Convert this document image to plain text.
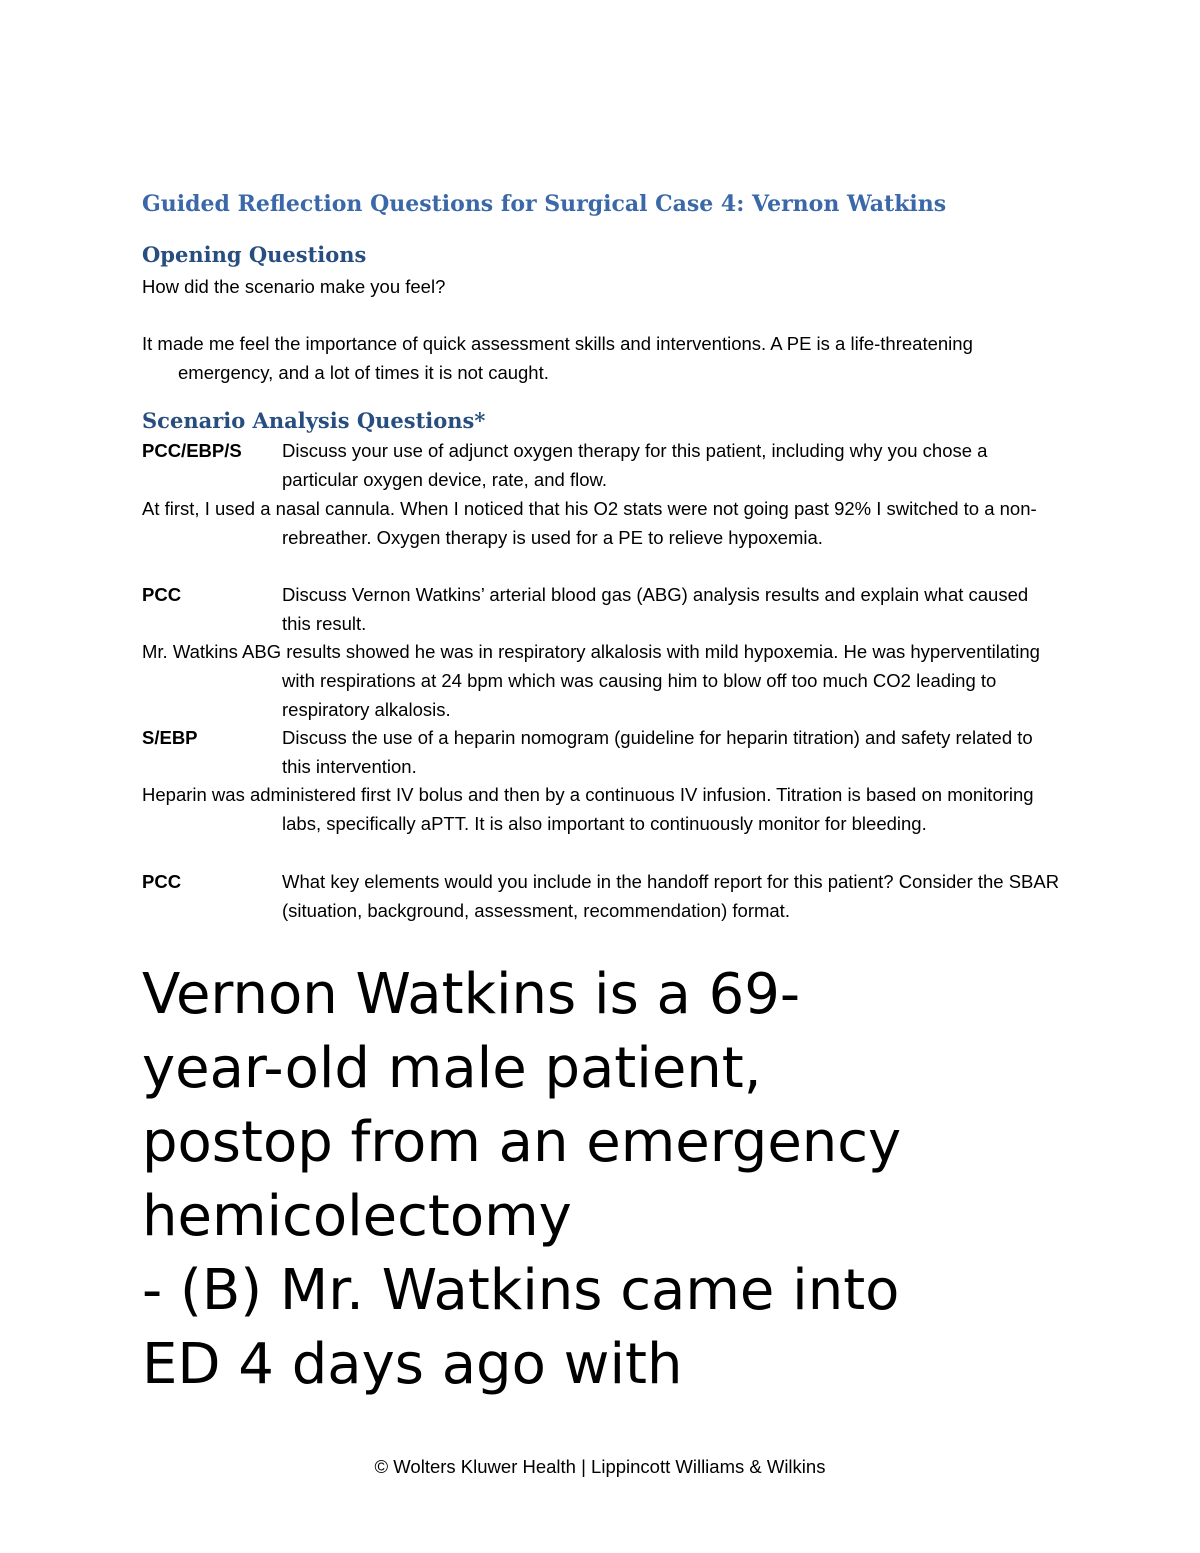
Guided Reflection Questions for Surgical Case 4: Vernon Watkins
Opening Questions

How did the scenario make you feel?

It made me feel the importance of quick assessment skills and interventions. A PE is a life-threatening emergency, and a lot of times it is not caught.

Scenario Analysis Questions*
PCC/EBP/S	Discuss your use of adjunct oxygen therapy for this patient, including why you chose a particular oxygen device, rate, and flow.

At first, I used a nasal cannula. When I noticed that his O2 stats were not going past 92% I switched to a non-rebreather. Oxygen therapy is used for a PE to relieve hypoxemia.

PCC	Discuss Vernon Watkins’ arterial blood gas (ABG) analysis results and explain what caused this result.

Mr. Watkins ABG results showed he was in respiratory alkalosis with mild hypoxemia. He was hyperventilating with respirations at 24 bpm which was causing him to blow off too much CO2 leading to respiratory alkalosis.

S/EBP	Discuss the use of a heparin nomogram (guideline for heparin titration) and safety related to this intervention.

Heparin was administered first IV bolus and then by a continuous IV infusion. Titration is based on monitoring labs, specifically aPTT. It is also important to continuously monitor for bleeding.

PCC	What key elements would you include in the handoff report for this patient? Consider the SBAR (situation, background, assessment, recommendation) format.
Vernon Watkins is a 69-
year-old male patient,
postop from an emergency
hemicolectomy
- (B) Mr. Watkins came into
ED 4 days ago with
© Wolters Kluwer Health | Lippincott Williams & Wilkins
